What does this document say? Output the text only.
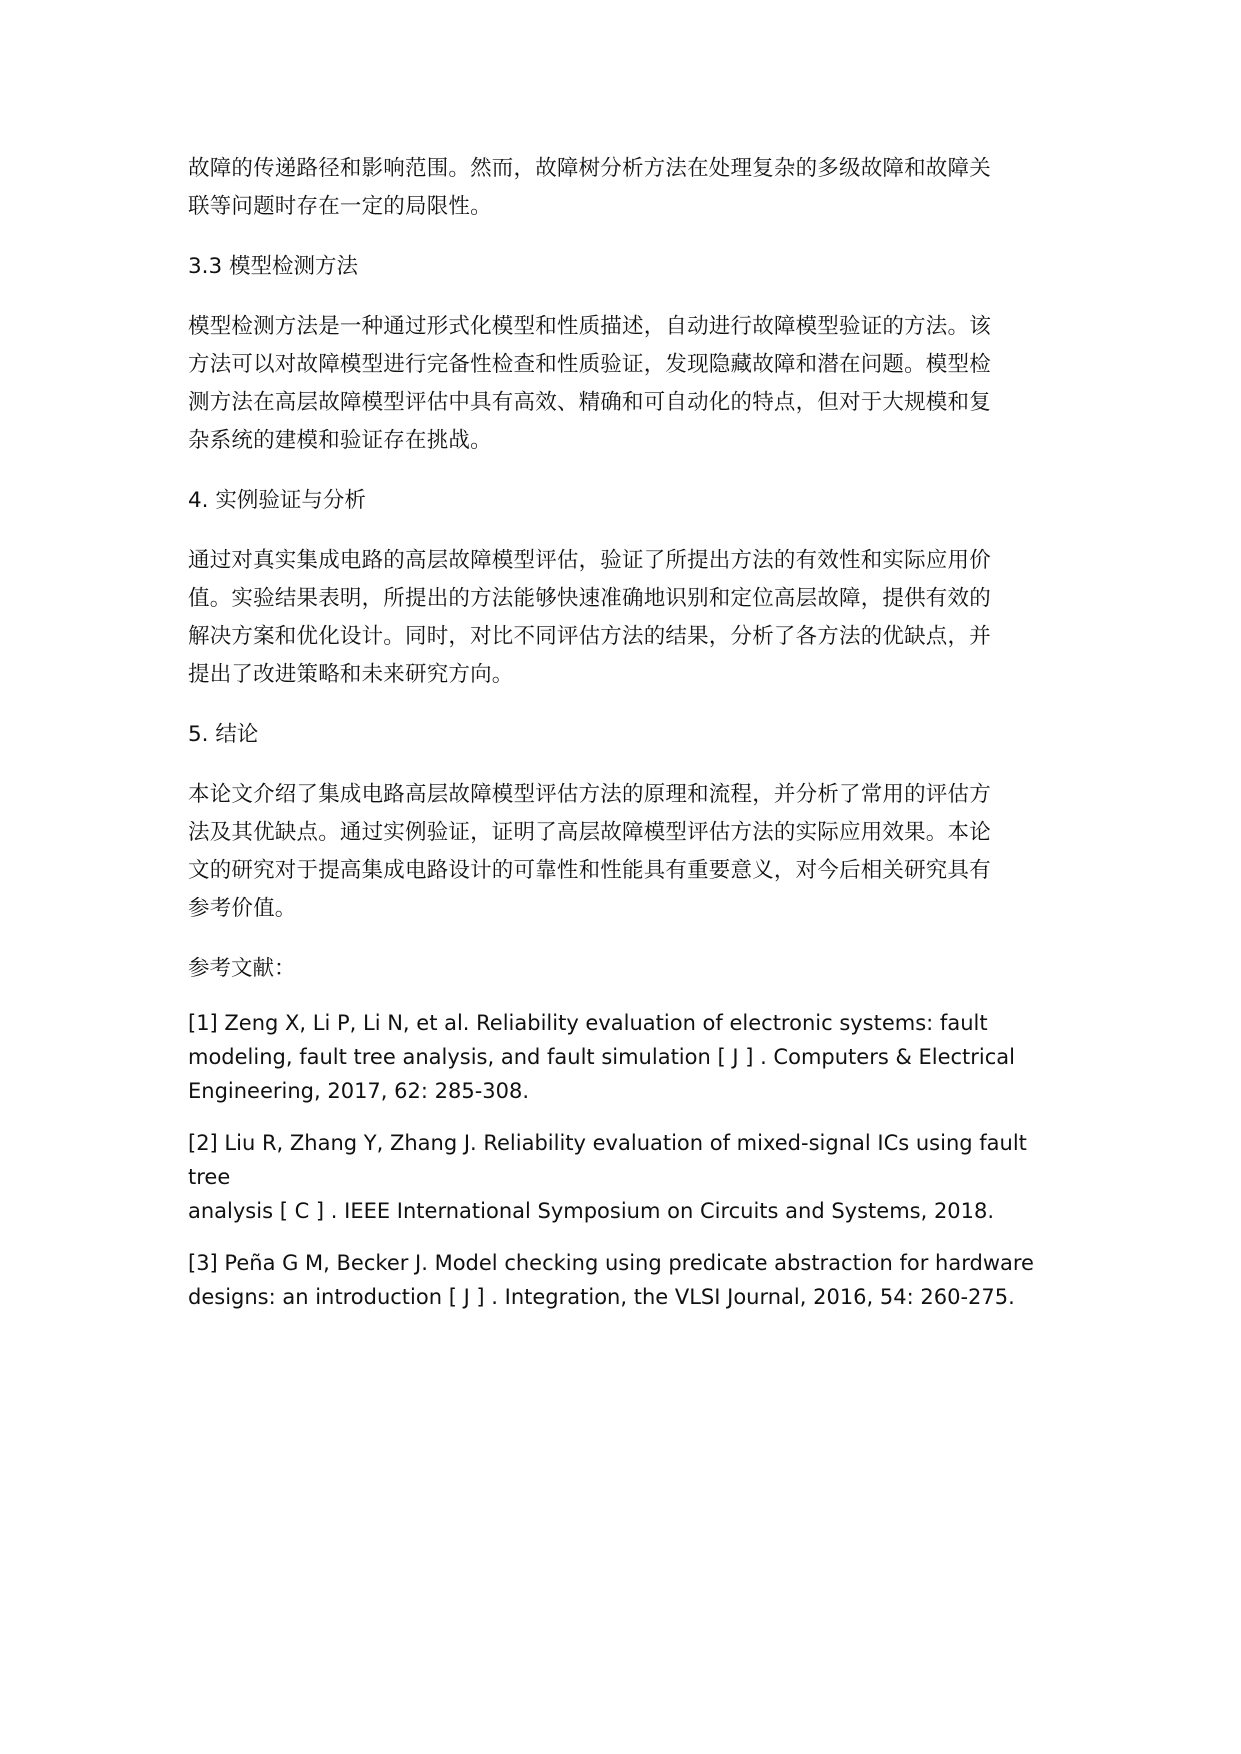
故障的传递路径和影响范围。然而，故障树分析方法在处理复杂的多级故障和故障关
联等问题时存在一定的局限性。

3.3 模型检测方法

模型检测方法是一种通过形式化模型和性质描述，自动进行故障模型验证的方法。该
方法可以对故障模型进行完备性检查和性质验证，发现隐藏故障和潜在问题。模型检
测方法在高层故障模型评估中具有高效、精确和可自动化的特点，但对于大规模和复
杂系统的建模和验证存在挑战。

4. 实例验证与分析

通过对真实集成电路的高层故障模型评估，验证了所提出方法的有效性和实际应用价
值。实验结果表明，所提出的方法能够快速准确地识别和定位高层故障，提供有效的
解决方案和优化设计。同时，对比不同评估方法的结果，分析了各方法的优缺点，并
提出了改进策略和未来研究方向。

5. 结论

本论文介绍了集成电路高层故障模型评估方法的原理和流程，并分析了常用的评估方
法及其优缺点。通过实例验证，证明了高层故障模型评估方法的实际应用效果。本论
文的研究对于提高集成电路设计的可靠性和性能具有重要意义，对今后相关研究具有
参考价值。

参考文献：

[1] Zeng X, Li P, Li N, et al. Reliability evaluation of electronic systems: fault
modeling, fault tree analysis, and fault simulation [ J ] . Computers & Electrical
Engineering, 2017, 62: 285-308.

[2] Liu R, Zhang Y, Zhang J. Reliability evaluation of mixed-signal ICs using fault tree
analysis [ C ] . IEEE International Symposium on Circuits and Systems, 2018.

[3] Peña G M, Becker J. Model checking using predicate abstraction for hardware
designs: an introduction [ J ] . Integration, the VLSI Journal, 2016, 54: 260-275.
